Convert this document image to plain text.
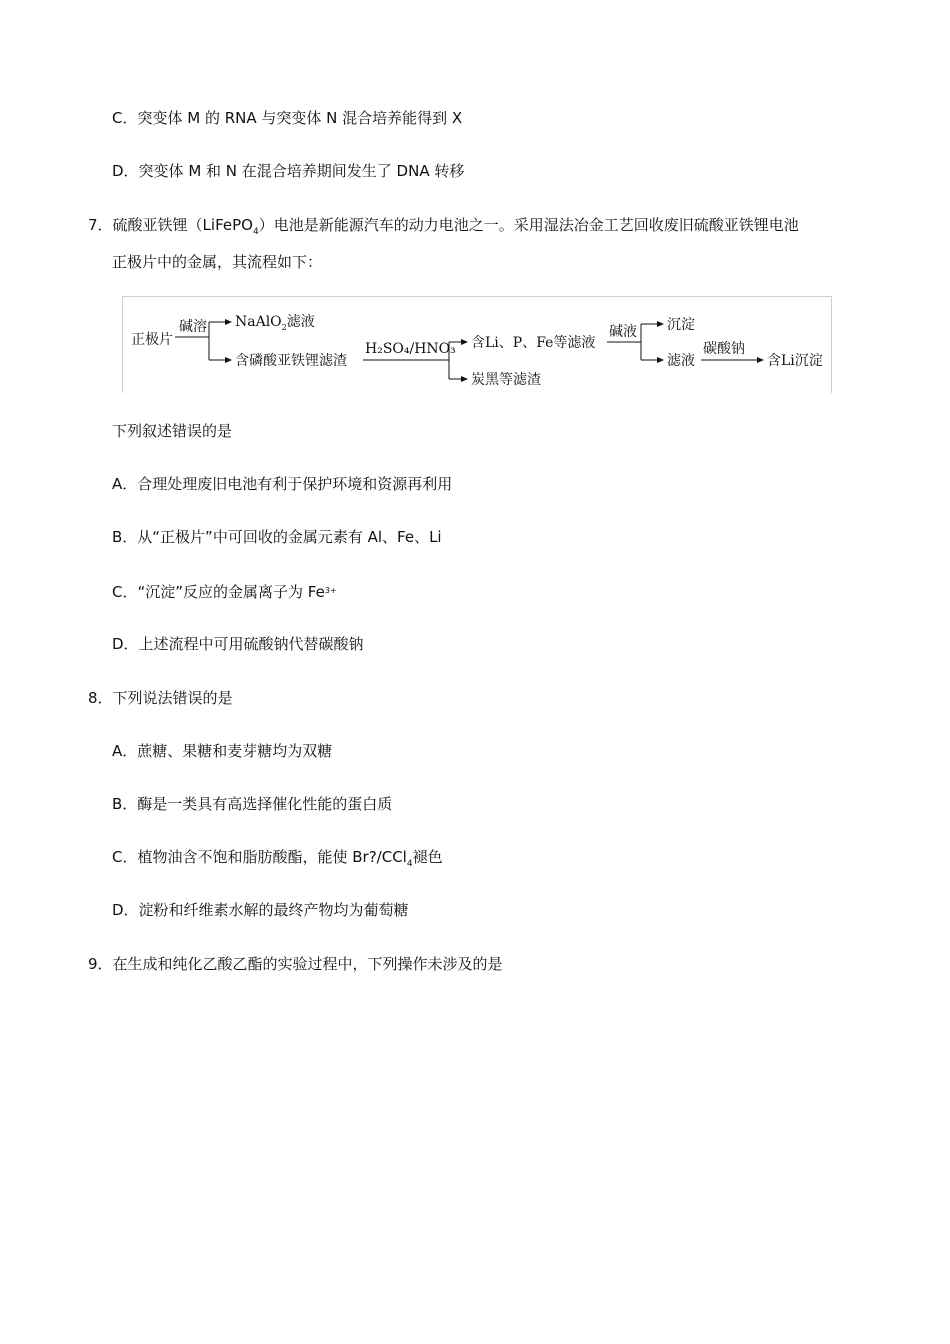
C．突变体 M 的 RNA 与突变体 N 混合培养能得到 X
D．突变体 M 和 N 在混合培养期间发生了 DNA 转移
7．硫酸亚铁锂（LiFePO$_4$）电池是新能源汽车的动力电池之一。采用湿法冶金工艺回收废旧硫酸亚铁锂电池
正极片中的金属，其流程如下：
正极片
碱溶 NaAlO$_2$滤液
含磷酸亚铁锂滤渣
H₂SO₄/HNO₃ 含Li、P、Fe等滤液
炭黑等滤渣
碱液 沉淀
滤液
碳酸钠
含Li沉淀
下列叙述错误的是
A．合理处理废旧电池有利于保护环境和资源再利用
B．从“正极片”中可回收的金属元素有 Al、Fe、Li
C．“沉淀”反应的金属离子为 $Fe^{3+}$
D．上述流程中可用硫酸钠代替碳酸钠
8．下列说法错误的是
A．蔗糖、果糖和麦芽糖均为双糖
B．酶是一类具有高选择催化性能的蛋白质
C．植物油含不饱和脂肪酸酯，能使 Br?/CCl$_4$褪色
D．淀粉和纤维素水解的最终产物均为葡萄糖
9．在生成和纯化乙酸乙酯的实验过程中，下列操作未涉及的是
